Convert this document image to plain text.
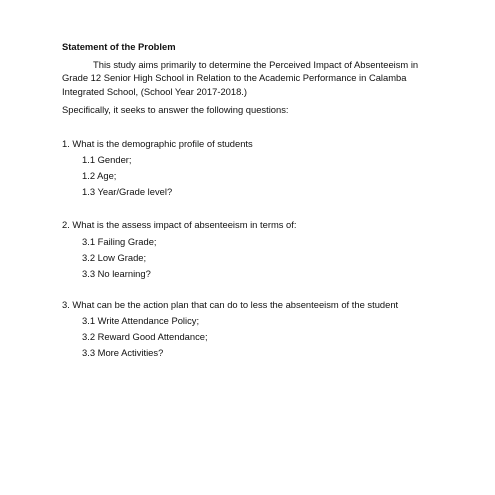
Statement of the Problem
This study aims primarily to determine the Perceived Impact of Absenteeism in
Grade 12 Senior High School in Relation to the Academic Performance in Calamba
Integrated School, (School Year 2017-2018.)
Specifically, it seeks to answer the following questions:
1. What is the demographic profile of students
1.1 Gender;
1.2 Age;
1.3 Year/Grade level?
2. What is the assess impact of absenteeism in terms of:
3.1 Failing Grade;
3.2 Low Grade;
3.3 No learning?
3. What can be the action plan that can do to less the absenteeism of the student
3.1 Write Attendance Policy;
3.2 Reward Good Attendance;
3.3 More Activities?
